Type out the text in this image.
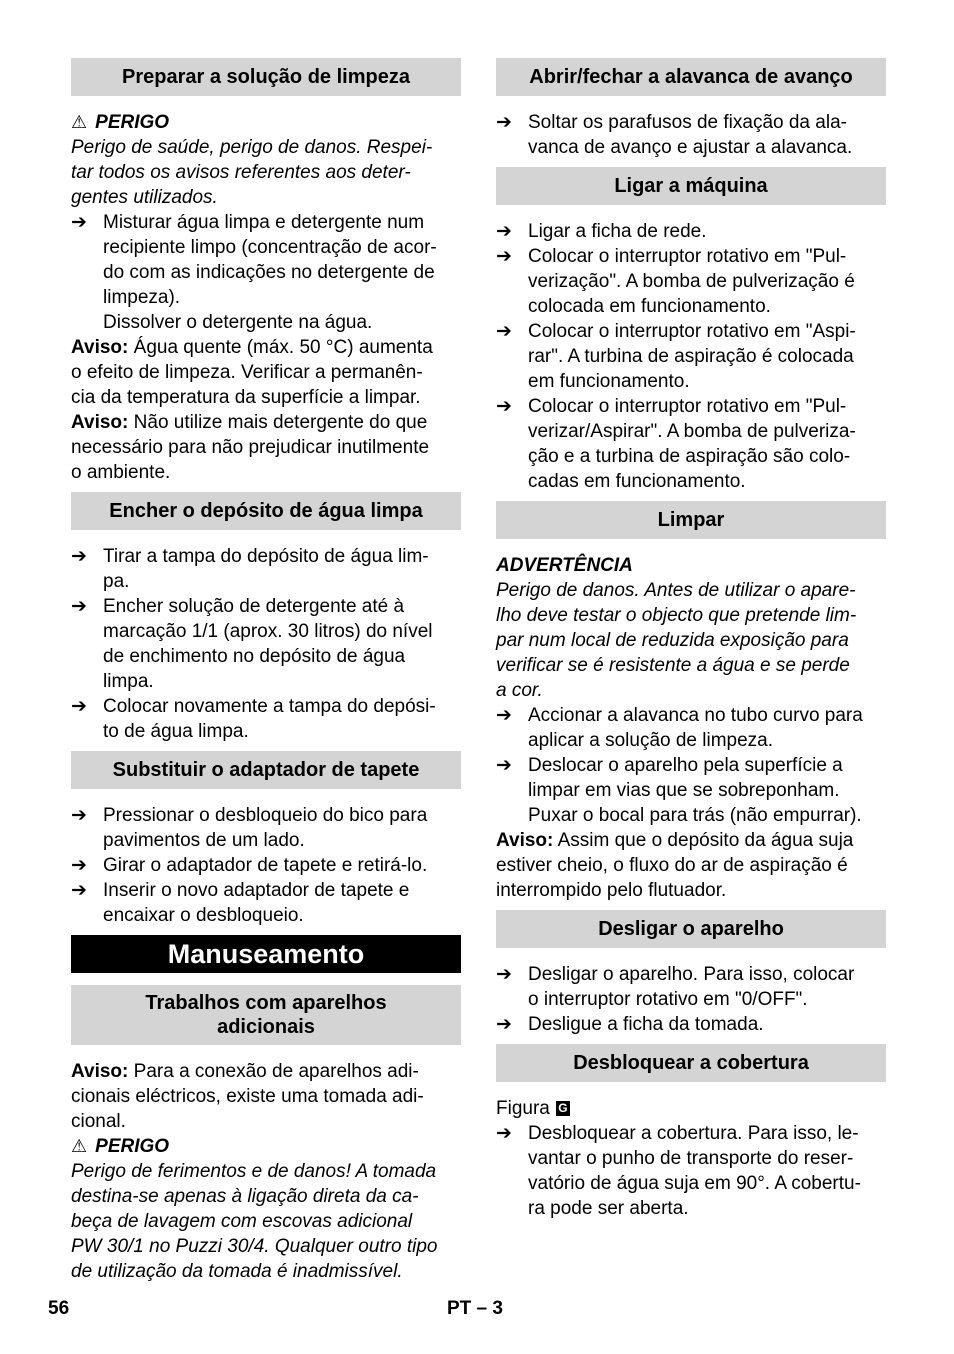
Preparar a solução de limpeza
⚠ PERIGO
Perigo de saúde, perigo de danos. Respei-
tar todos os avisos referentes aos deter-
gentes utilizados.
➔ Misturar água limpa e detergente num
recipiente limpo (concentração de acor-
do com as indicações no detergente de
limpeza).
Dissolver o detergente na água.
Aviso: Água quente (máx. 50 °C) aumenta
o efeito de limpeza. Verificar a permanên-
cia da temperatura da superfície a limpar.
Aviso: Não utilize mais detergente do que
necessário para não prejudicar inutilmente
o ambiente.
Encher o depósito de água limpa
➔ Tirar a tampa do depósito de água lim-
pa.
➔ Encher solução de detergente até à
marcação 1/1 (aprox. 30 litros) do nível
de enchimento no depósito de água
limpa.
➔ Colocar novamente a tampa do depósi-
to de água limpa.
Substituir o adaptador de tapete
➔ Pressionar o desbloqueio do bico para
pavimentos de um lado.
➔ Girar o adaptador de tapete e retirá-lo.
➔ Inserir o novo adaptador de tapete e
encaixar o desbloqueio.
Manuseamento
Trabalhos com aparelhos
adicionais
Aviso: Para a conexão de aparelhos adi-
cionais eléctricos, existe uma tomada adi-
cional.
⚠ PERIGO
Perigo de ferimentos e de danos! A tomada
destina-se apenas à ligação direta da ca-
beça de lavagem com escovas adicional
PW 30/1 no Puzzi 30/4. Qualquer outro tipo
de utilização da tomada é inadmissível.
Abrir/fechar a alavanca de avanço
➔ Soltar os parafusos de fixação da ala-
vanca de avanço e ajustar a alavanca.
Ligar a máquina
➔ Ligar a ficha de rede.
➔ Colocar o interruptor rotativo em "Pul-
verização". A bomba de pulverização é
colocada em funcionamento.
➔ Colocar o interruptor rotativo em "Aspi-
rar". A turbina de aspiração é colocada
em funcionamento.
➔ Colocar o interruptor rotativo em "Pul-
verizar/Aspirar". A bomba de pulveriza-
ção e a turbina de aspiração são colo-
cadas em funcionamento.
Limpar
ADVERTÊNCIA
Perigo de danos. Antes de utilizar o apare-
lho deve testar o objecto que pretende lim-
par num local de reduzida exposição para
verificar se é resistente a água e se perde
a cor.
➔ Accionar a alavanca no tubo curvo para
aplicar a solução de limpeza.
➔ Deslocar o aparelho pela superfície a
limpar em vias que se sobreponham.
Puxar o bocal para trás (não empurrar).
Aviso: Assim que o depósito da água suja
estiver cheio, o fluxo do ar de aspiração é
interrompido pelo flutuador.
Desligar o aparelho
➔ Desligar o aparelho. Para isso, colocar
o interruptor rotativo em "0/OFF".
➔ Desligue a ficha da tomada.
Desbloquear a cobertura
Figura G
➔ Desbloquear a cobertura. Para isso, le-
vantar o punho de transporte do reser-
vatório de água suja em 90°. A cobertu-
ra pode ser aberta.
56	PT – 3
